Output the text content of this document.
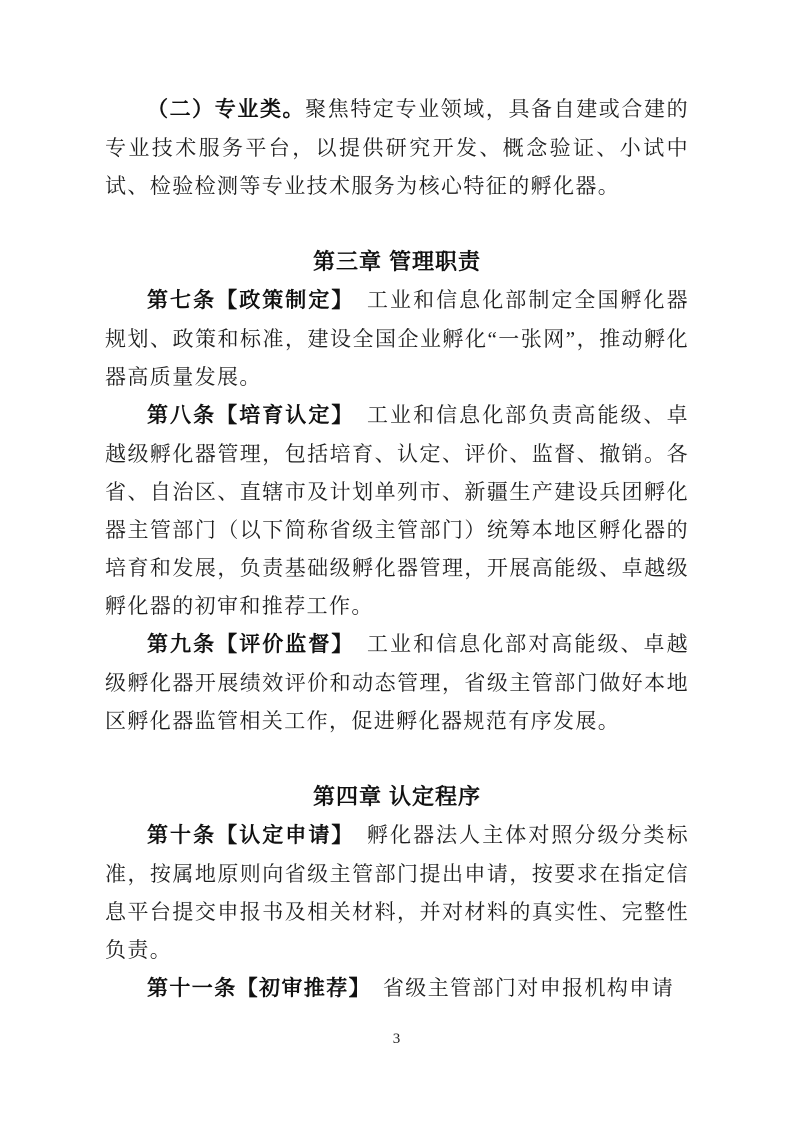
（二）专业类。聚焦特定专业领域，具备自建或合建的专业技术服务平台，以提供研究开发、概念验证、小试中试、检验检测等专业技术服务为核心特征的孵化器。

第三章 管理职责

第七条【政策制定】　工业和信息化部制定全国孵化器规划、政策和标准，建设全国企业孵化“一张网”，推动孵化器高质量发展。

第八条【培育认定】　工业和信息化部负责高能级、卓越级孵化器管理，包括培育、认定、评价、监督、撤销。各省、自治区、直辖市及计划单列市、新疆生产建设兵团孵化器主管部门（以下简称省级主管部门）统筹本地区孵化器的培育和发展，负责基础级孵化器管理，开展高能级、卓越级孵化器的初审和推荐工作。

第九条【评价监督】　工业和信息化部对高能级、卓越级孵化器开展绩效评价和动态管理，省级主管部门做好本地区孵化器监管相关工作，促进孵化器规范有序发展。

第四章 认定程序

第十条【认定申请】　孵化器法人主体对照分级分类标准，按属地原则向省级主管部门提出申请，按要求在指定信息平台提交申报书及相关材料，并对材料的真实性、完整性负责。

第十一条【初审推荐】　省级主管部门对申报机构申请

3
